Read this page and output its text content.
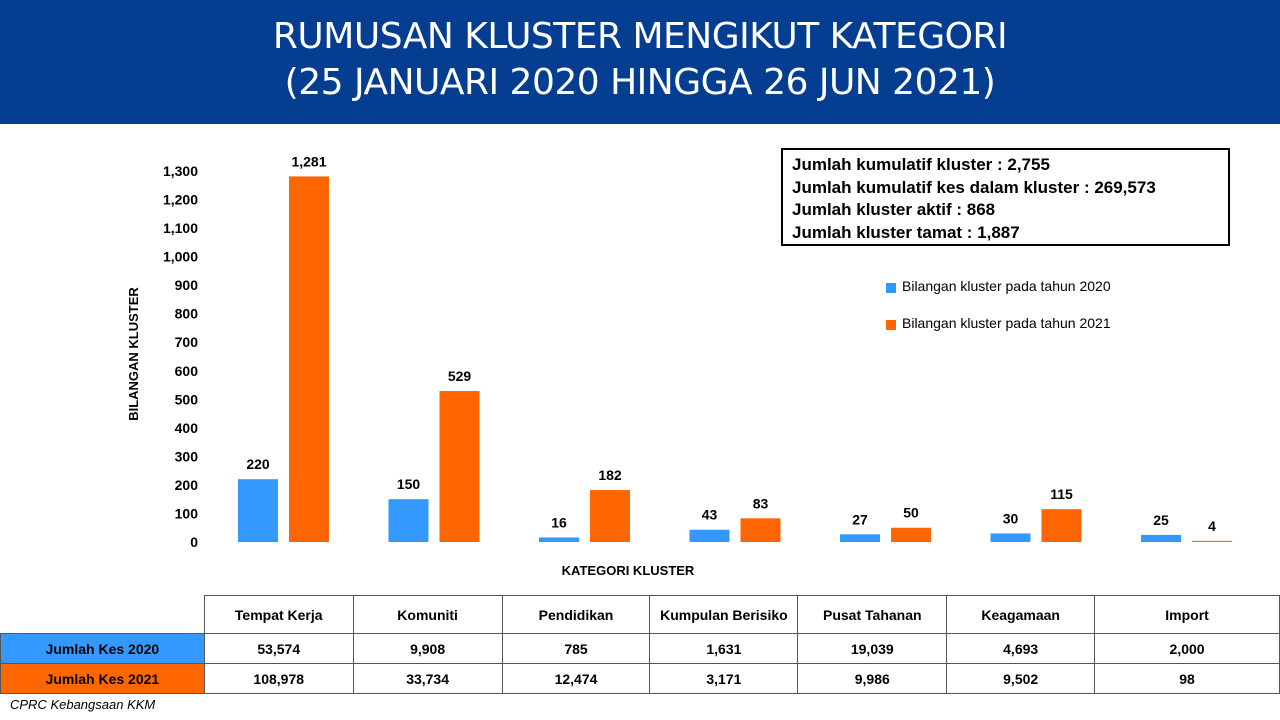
RUMUSAN KLUSTER MENGIKUT KATEGORI
(25 JANUARI 2020 HINGGA 26 JUN 2021)
0
100
200
300
400
500
600
700
800
900
1,000
1,100
1,200
1,300
BILANGAN KLUSTER
KATEGORI KLUSTER
220
1,281
150
529
16
182
43
83
27	50	30
115
25	4
Jumlah kumulatif kluster : 2,755
Jumlah kumulatif kes dalam kluster : 269,573
Jumlah kluster aktif : 868
Jumlah kluster tamat : 1,887
Bilangan kluster pada tahun 2020
Bilangan kluster pada tahun 2021
	Tempat Kerja	Komuniti	Pendidikan	Kumpulan Berisiko	Pusat Tahanan	Keagamaan	Import
Jumlah Kes 2020	53,574	9,908	785	1,631	19,039	4,693	2,000
Jumlah Kes 2021	108,978	33,734	12,474	3,171	9,986	9,502	98
CPRC Kebangsaan KKM
